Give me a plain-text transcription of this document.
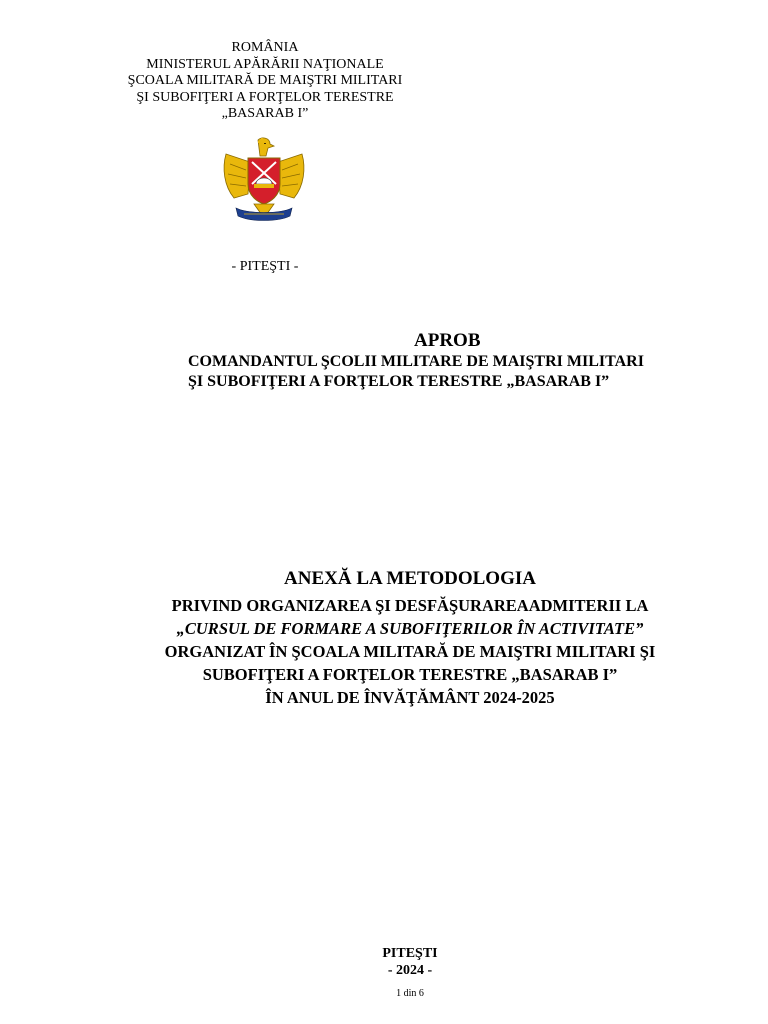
ROMÂNIA
MINISTERUL APĂRĂRII NAŢIONALE
ŞCOALA MILITARĂ DE MAIŞTRI MILITARI
ŞI SUBOFIŢERI A FORŢELOR TERESTRE
„BASARAB I”
- PITEŞTI -
APROB
COMANDANTUL ŞCOLII MILITARE DE MAIŞTRI MILITARI
ŞI SUBOFIŢERI A FORŢELOR TERESTRE „BASARAB I”
ANEXĂ LA METODOLOGIA
PRIVIND ORGANIZAREA ŞI DESFĂŞURAREAADMITERII LA
„CURSUL DE FORMARE A SUBOFIŢERILOR ÎN ACTIVITATE”
ORGANIZAT ÎN ŞCOALA MILITARĂ DE MAIŞTRI MILITARI ŞI
SUBOFIŢERI A FORŢELOR TERESTRE „BASARAB I”
ÎN ANUL DE ÎNVĂŢĂMÂNT 2024-2025
PITEŞTI
- 2024 -
1 din 6
